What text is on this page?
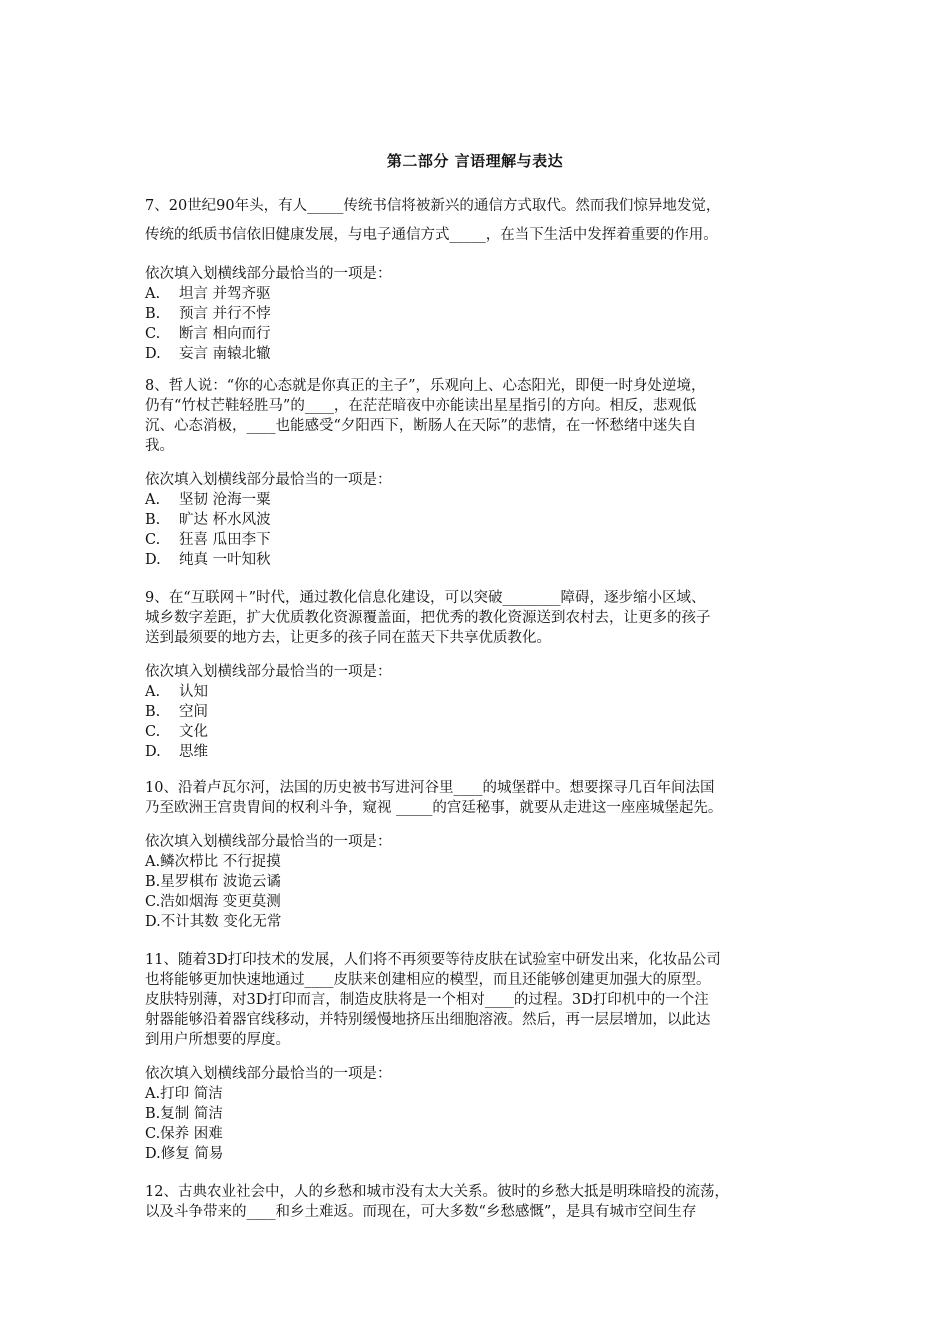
第二部分 言语理解与表达

7、20世纪90年头，有人_____传统书信将被新兴的通信方式取代。然而我们惊异地发觉，

传统的纸质书信依旧健康发展，与电子通信方式_____，在当下生活中发挥着重要的作用。

依次填入划横线部分最恰当的一项是：

A. 坦言 并驾齐驱

B. 预言 并行不悖

C. 断言 相向而行

D. 妄言 南辕北辙

8、哲人说：“你的心态就是你真正的主子”，乐观向上、心态阳光，即便一时身处逆境，

仍有“竹杖芒鞋轻胜马”的____，在茫茫暗夜中亦能读出星星指引的方向。相反，悲观低

沉、心态消极，____也能感受“夕阳西下，断肠人在天际”的悲情，在一怀愁绪中迷失自

我。

依次填入划横线部分最恰当的一项是：

A. 坚韧 沧海一粟

B. 旷达 杯水风波

C. 狂喜 瓜田李下

D. 纯真 一叶知秋

9、在“互联网＋”时代，通过教化信息化建设，可以突破________障碍，逐步缩小区域、

城乡数字差距，扩大优质教化资源覆盖面，把优秀的教化资源送到农村去，让更多的孩子

送到最须要的地方去，让更多的孩子同在蓝天下共享优质教化。

依次填入划横线部分最恰当的一项是：

A. 认知

B. 空间

C. 文化

D. 思维

10、沿着卢瓦尔河，法国的历史被书写进河谷里____的城堡群中。想要探寻几百年间法国

乃至欧洲王宫贵胄间的权利斗争，窥视 _____的宫廷秘事，就要从走进这一座座城堡起先。

依次填入划横线部分最恰当的一项是：

A.鳞次栉比 不行捉摸

B.星罗棋布 波诡云谲

C.浩如烟海 变更莫测

D.不计其数 变化无常

11、随着3D打印技术的发展，人们将不再须要等待皮肤在试验室中研发出来，化妆品公司

也将能够更加快速地通过____皮肤来创建相应的模型，而且还能够创建更加强大的原型。

皮肤特别薄，对3D打印而言，制造皮肤将是一个相对____的过程。3D打印机中的一个注

射器能够沿着器官线移动，并特别缓慢地挤压出细胞溶液。然后，再一层层增加，以此达

到用户所想要的厚度。

依次填入划横线部分最恰当的一项是：

A.打印 简洁

B.复制 简洁

C.保养 困难

D.修复 简易

12、古典农业社会中，人的乡愁和城市没有太大关系。彼时的乡愁大抵是明珠暗投的流荡，

以及斗争带来的____和乡土难返。而现在，可大多数“乡愁感慨”，是具有城市空间生存
